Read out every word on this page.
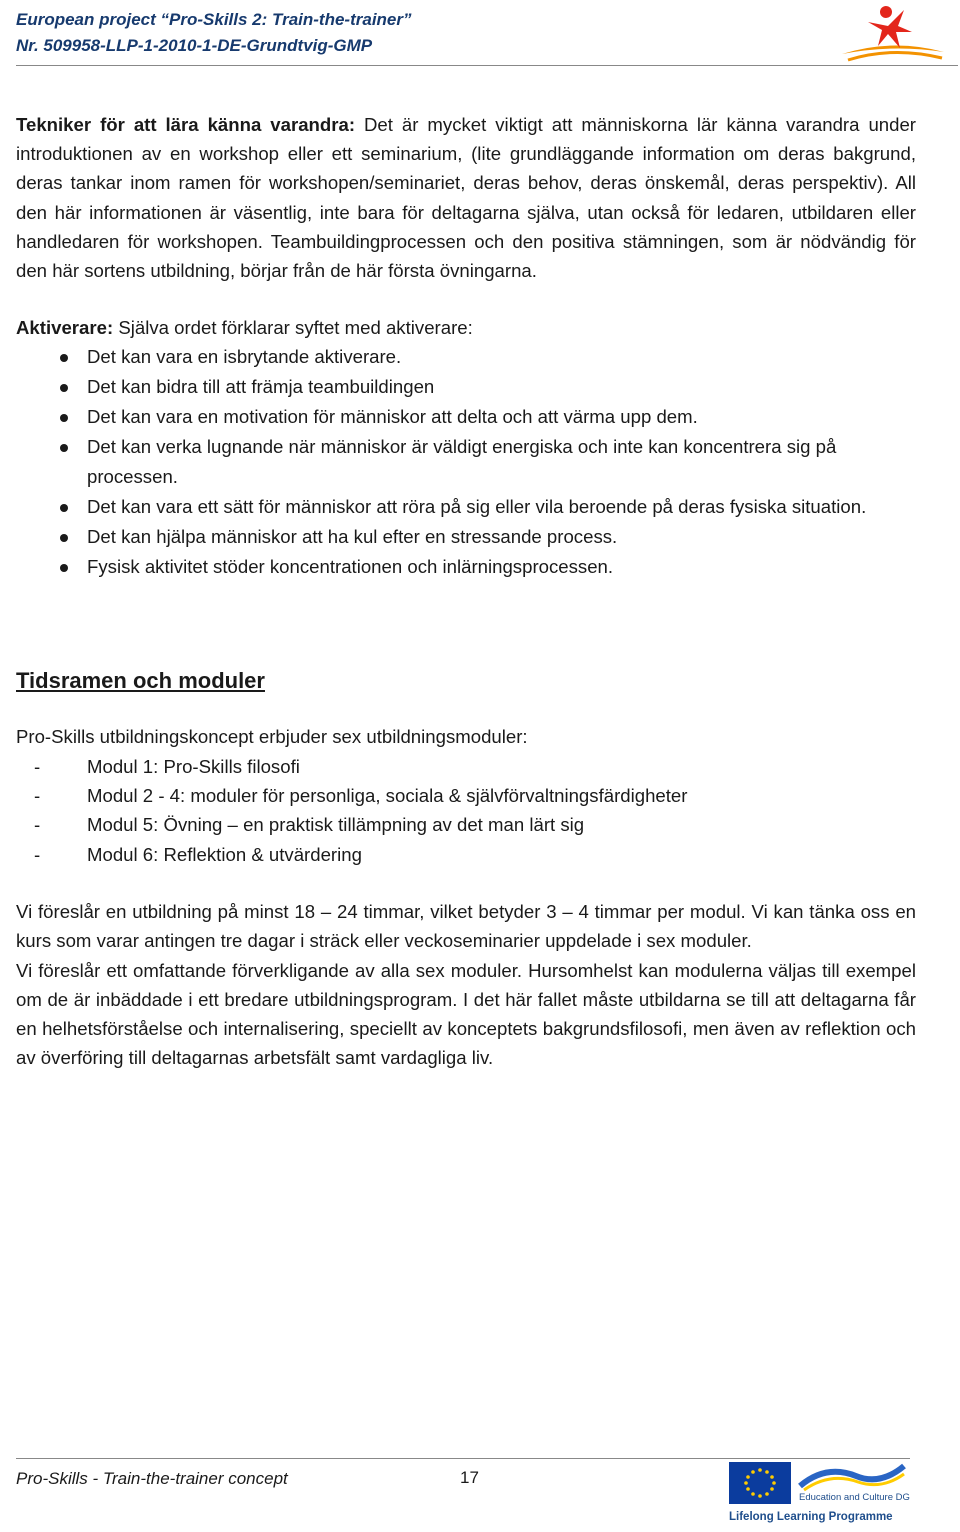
European project “Pro-Skills 2: Train-the-trainer”
Nr. 509958-LLP-1-2010-1-DE-Grundtvig-GMP

Tekniker för att lära känna varandra: Det är mycket viktigt att människorna lär känna varandra under introduktionen av en workshop eller ett seminarium, (lite grundläggande information om deras bakgrund, deras tankar inom ramen för workshopen/seminariet, deras behov, deras önskemål, deras perspektiv). All den här informationen är väsentlig, inte bara för deltagarna själva, utan också för ledaren, utbildaren eller handledaren för workshopen. Teambuildingprocessen och den positiva stämningen, som är nödvändig för den här sortens utbildning, börjar från de här första övningarna.

Aktiverare: Själva ordet förklarar syftet med aktiverare:

Det kan vara en isbrytande aktiverare.
Det kan bidra till att främja teambuildingen
Det kan vara en motivation för människor att delta och att värma upp dem.
Det kan verka lugnande när människor är väldigt energiska och inte kan koncentrera sig på processen.
Det kan vara ett sätt för människor att röra på sig eller vila beroende på deras fysiska situation.
Det kan hjälpa människor att ha kul efter en stressande process.
Fysisk aktivitet stöder koncentrationen och inlärningsprocessen.
Tidsramen och moduler

Pro-Skills utbildningskoncept erbjuder sex utbildningsmoduler:

-	Modul 1: Pro-Skills filosofi
-	Modul 2 - 4: moduler för personliga, sociala & självförvaltningsfärdigheter
-	Modul 5: Övning – en praktisk tillämpning av det man lärt sig
-	Modul 6: Reflektion & utvärdering

Vi föreslår en utbildning på minst 18 – 24 timmar, vilket betyder 3 – 4 timmar per modul. Vi kan tänka oss en kurs som varar antingen tre dagar i sträck eller veckoseminarier uppdelade i sex moduler.

Vi föreslår ett omfattande förverkligande av alla sex moduler. Hursomhelst kan modulerna väljas till exempel om de är inbäddade i ett bredare utbildningsprogram. I det här fallet måste utbildarna se till att deltagarna får en helhetsförståelse och internalisering, speciellt av konceptets bakgrundsfilosofi, men även av reflektion och av överföring till deltagarnas arbetsfält samt vardagliga liv.

Pro-Skills - Train-the-trainer concept	17
Education and Culture DG
Lifelong Learning Programme
